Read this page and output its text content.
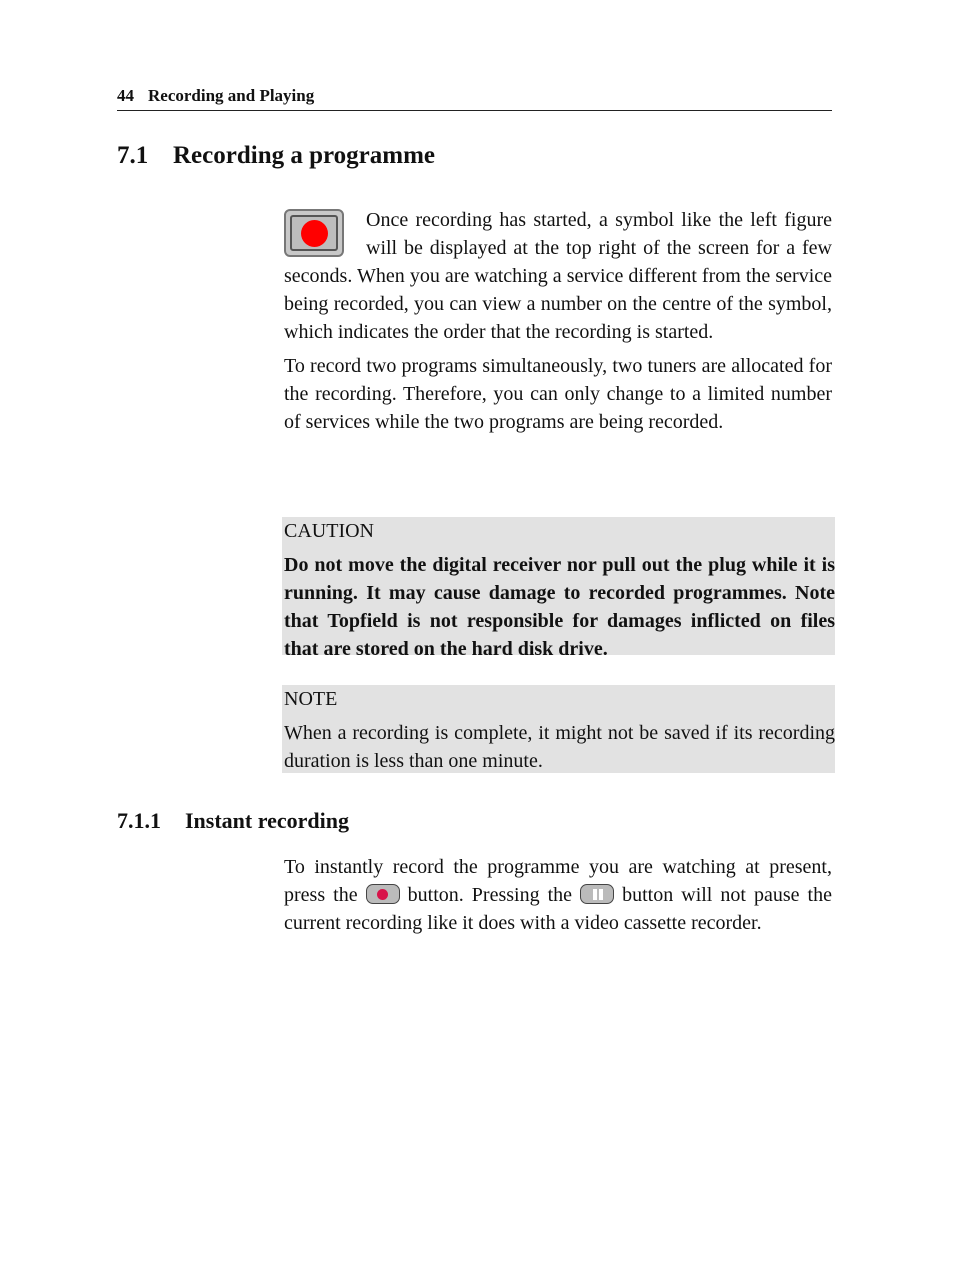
44 Recording and Playing
7.1 Recording a programme

Once recording has started, a symbol like the left figure will be displayed at the top right of the screen for a few seconds. When you are watching a service different from the service being recorded, you can view a number on the centre of the symbol, which indicates the order that the recording is started.

To record two programs simultaneously, two tuners are allocated for the recording. Therefore, you can only change to a limited number of services while the two programs are being recorded.

CAUTION

Do not move the digital receiver nor pull out the plug while it is running. It may cause damage to recorded programmes. Note that Topfield is not responsible for damages inflicted on files that are stored on the hard disk drive.

NOTE

When a recording is complete, it might not be saved if its recording duration is less than one minute.

7.1.1 Instant recording

To instantly record the programme you are watching at present, press the	button. Pressing the	button will not pause the current recording like it does with a video cassette recorder.
